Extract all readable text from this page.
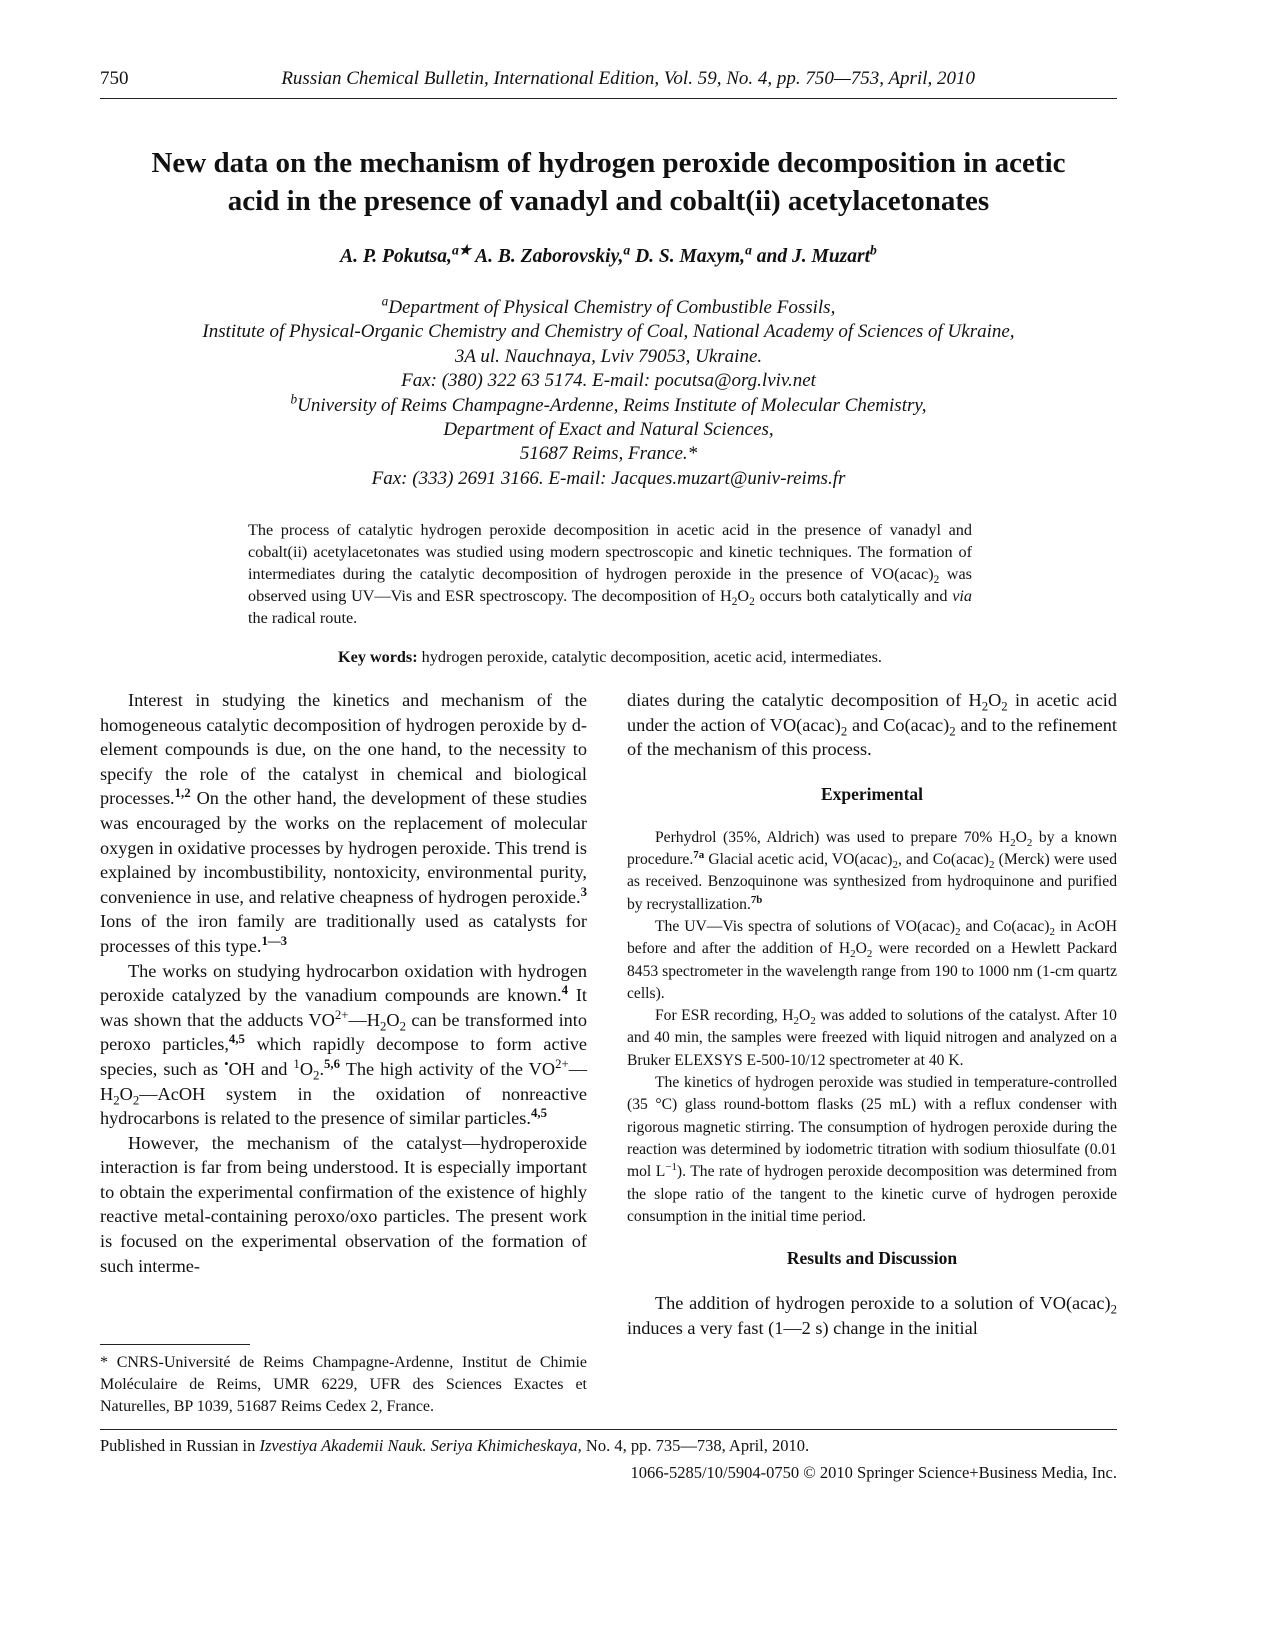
750	Russian Chemical Bulletin, International Edition, Vol. 59, No. 4, pp. 750—753, April, 2010
New data on the mechanism of hydrogen peroxide decomposition in acetic
acid in the presence of vanadyl and cobalt(ii) acetylacetonates
A. P. Pokutsa,$^{a★}$ A. B. Zaborovskiy,$^a$ D. S. Maxym,$^a$ and J. Muzart$^b$
$^a$Department of Physical Chemistry of Combustible Fossils,
Institute of Physical-Organic Chemistry and Chemistry of Coal, National Academy of Sciences of Ukraine,
3A ul. Nauchnaya, Lviv 79053, Ukraine.
Fax: (380) 322 63 5174. E-mail: pocutsa@org.lviv.net
$^b$University of Reims Champagne-Ardenne, Reims Institute of Molecular Chemistry,
Department of Exact and Natural Sciences,
51687 Reims, France.*
Fax: (333) 2691 3166. E-mail: Jacques.muzart@univ-reims.fr
The process of catalytic hydrogen peroxide decomposition in acetic acid in the presence of vanadyl and cobalt(ii) acetylacetonates was studied using modern spectroscopic and kinetic techniques. The formation of intermediates during the catalytic decomposition of hydrogen peroxide in the presence of $VO(acac)_2$ was observed using UV—Vis and ESR spectroscopy. The decomposition of $H_2O_2$ occurs both catalytically and via the radical route.
Key words: hydrogen peroxide, catalytic decomposition, acetic acid, intermediates.

Interest in studying the kinetics and mechanism of the homogeneous catalytic decomposition of hydrogen peroxide by d-element compounds is due, on the one hand, to the necessity to specify the role of the catalyst in chemical and biological processes.$^{1,2}$ On the other hand, the development of these studies was encouraged by the works on the replacement of molecular oxygen in oxidative processes by hydrogen peroxide. This trend is explained by incombustibility, nontoxicity, environmental purity, convenience in use, and relative cheapness of hydrogen peroxide.$^3$ Ions of the iron family are traditionally used as catalysts for processes of this type.$^{1—3}$

The works on studying hydrocarbon oxidation with hydrogen peroxide catalyzed by the vanadium compounds are known.$^4$ It was shown that the adducts $VO^{2+}—H_2O_2$ can be transformed into peroxo particles,$^{4,5}$ which rapidly decompose to form active species, such as •OH and $^1O_2.^{5,6}$ The high activity of the $VO^{2+}—H_2O_2—AcOH$ system in the oxidation of nonreactive hydrocarbons is related to the presence of similar particles.$^{4,5}$

However, the mechanism of the catalyst—hydroperoxide interaction is far from being understood. It is especially important to obtain the experimental confirmation of the existence of highly reactive metal-containing peroxo/oxo particles. The present work is focused on the experimental observation of the formation of such interme-

diates during the catalytic decomposition of $H_2O_2$ in acetic acid under the action of $VO(acac)_2$ and $Co(acac)_2$ and to the refinement of the mechanism of this process.

Experimental

Perhydrol (35%, Aldrich) was used to prepare 70% $H_2O_2$ by a known procedure.$^{7a}$ Glacial acetic acid, $VO(acac)_2$, and $Co(acac)_2$ (Merck) were used as received. Benzoquinone was synthesized from hydroquinone and purified by recrystallization.$^{7b}$

The UV—Vis spectra of solutions of $VO(acac)_2$ and $Co(acac)_2$ in AcOH before and after the addition of $H_2O_2$ were recorded on a Hewlett Packard 8453 spectrometer in the wavelength range from 190 to 1000 nm (1-cm quartz cells).

For ESR recording, $H_2O_2$ was added to solutions of the catalyst. After 10 and 40 min, the samples were freezed with liquid nitrogen and analyzed on a Bruker ELEXSYS E-500-10/12 spectrometer at 40 K.

The kinetics of hydrogen peroxide was studied in temperature-controlled (35 °C) glass round-bottom flasks (25 mL) with a reflux condenser with rigorous magnetic stirring. The consumption of hydrogen peroxide during the reaction was determined by iodometric titration with sodium thiosulfate (0.01 mol $L^{-1}$). The rate of hydrogen peroxide decomposition was determined from the slope ratio of the tangent to the kinetic curve of hydrogen peroxide consumption in the initial time period.

Results and Discussion

The addition of hydrogen peroxide to a solution of $VO(acac)_2$ induces a very fast (1—2 s) change in the initial

* CNRS-Université de Reims Champagne-Ardenne, Institut de Chimie Moléculaire de Reims, UMR 6229, UFR des Sciences Exactes et Naturelles, BP 1039, 51687 Reims Cedex 2, France.
Published in Russian in Izvestiya Akademii Nauk. Seriya Khimicheskaya, No. 4, pp. 735—738, April, 2010.
1066-5285/10/5904-0750 © 2010 Springer Science+Business Media, Inc.
